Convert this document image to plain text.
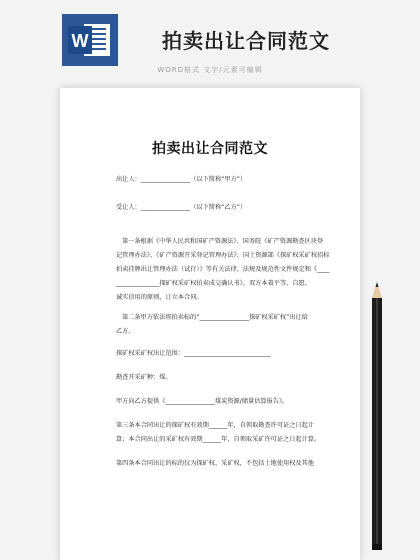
W	拍卖出让合同范文
WORD格式 文字/元素可编辑
拍卖出让合同范文
出让人：________________（以下简称“甲方”）
受让人：________________（以下简称“乙方”）
第一条根据《中华人民共和国矿产资源法》、国务院《矿产资源勘查区块登
记管理办法》、《矿产资源开采登记管理办法》、国土资源部《探矿权采矿权招标
拍卖挂牌出让管理办法（试行）》等有关法律、法规及规范性文件规定和《____
______________探矿权采矿权拍卖成交确认书》，双方本着平等、自愿、
诚实信用的原则，订立本合同。
第二条甲方依法将拍卖标的“________________探矿权采矿权”出让给
乙方。
探矿权采矿权出让范围：____________________________
勘查开采矿种：煤。
甲方向乙方提供《________________煤炭资源/储量估算报告》。
第三条本合同出让的探矿权有效期______年，自领取勘查许可证之日起计
算；本合同出让的采矿权有效期______年，自领取采矿许可证之日起计算。
第四条本合同出让的标的仅为探矿权、采矿权，不包括土地使用权及其他
